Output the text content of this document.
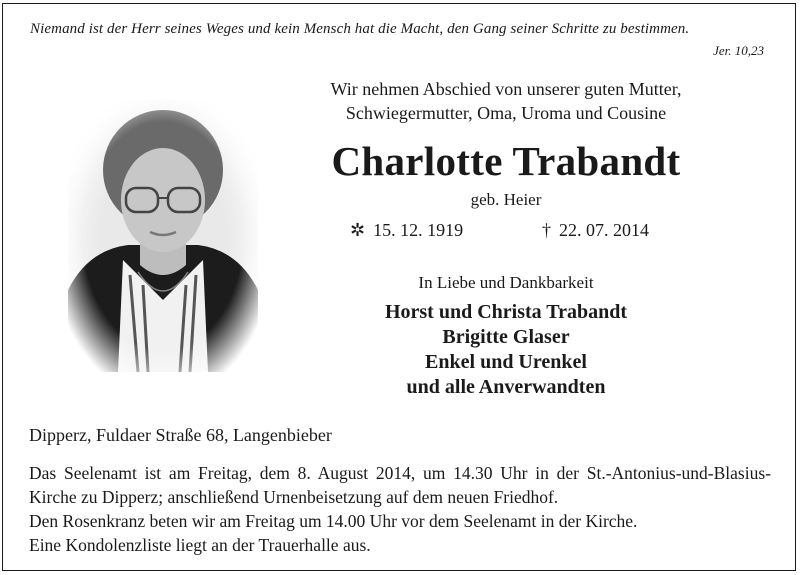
Niemand ist der Herr seines Weges und kein Mensch hat die Macht, den Gang seiner Schritte zu bestimmen.
Jer. 10,23
Wir nehmen Abschied von unserer guten Mutter,
Schwiegermutter, Oma, Uroma und Cousine
Charlotte Trabandt
geb. Heier
✲ 15. 12. 1919	† 22. 07. 2014
In Liebe und Dankbarkeit
Horst und Christa Trabandt
Brigitte Glaser
Enkel und Urenkel
und alle Anverwandten
Dipperz, Fuldaer Straße 68, Langenbieber

Das Seelenamt ist am Freitag, dem 8. August 2014, um 14.30 Uhr in der St.-Antonius-und-Blasius-Kirche zu Dipperz; anschließend Urnenbeisetzung auf dem neuen Friedhof.

Den Rosenkranz beten wir am Freitag um 14.00 Uhr vor dem Seelenamt in der Kirche.

Eine Kondolenzliste liegt an der Trauerhalle aus.
